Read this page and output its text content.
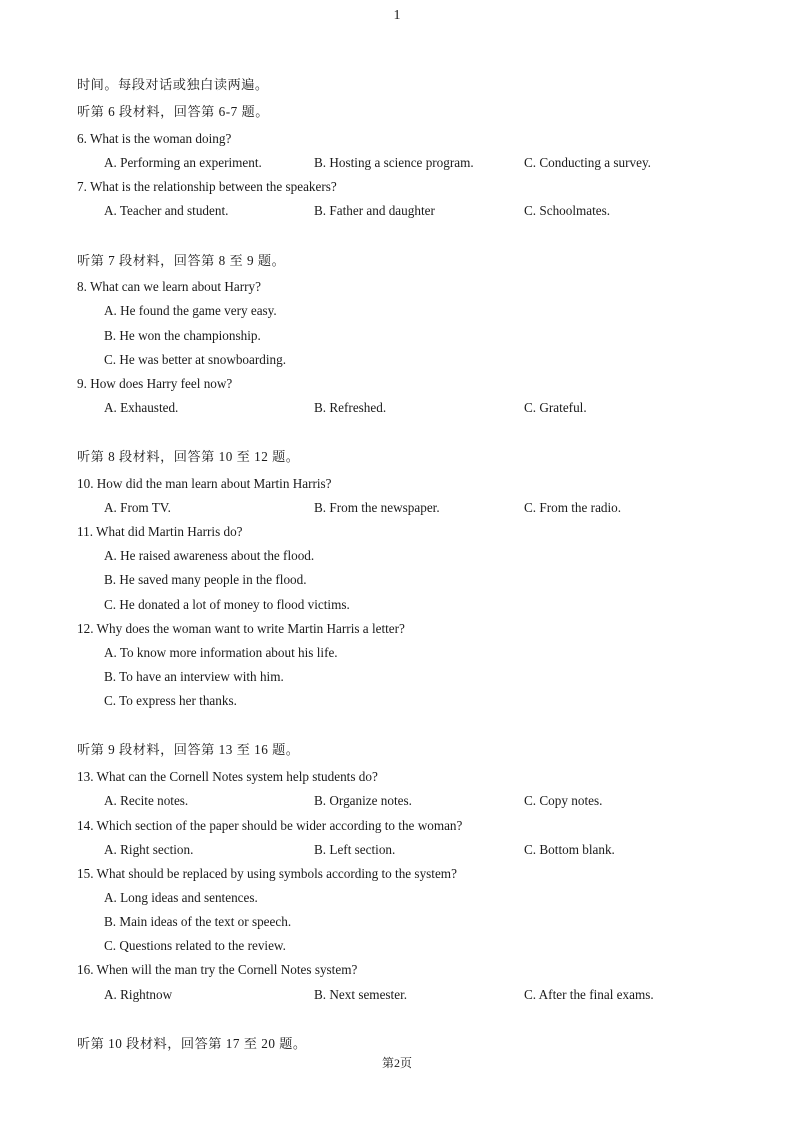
1
时间。每段对话或独白读两遍。
听第 6 段材料，回答第 6-7 题。
6. What is the woman doing?
A. Performing an experiment.	B. Hosting a science program.	C. Conducting a survey.
7. What is the relationship between the speakers?
A. Teacher and student.	B. Father and daughter	C. Schoolmates.
听第 7 段材料，回答第 8 至 9 题。
8. What can we learn about Harry?
A. He found the game very easy.
B. He won the championship.
C. He was better at snowboarding.
9. How does Harry feel now?
A. Exhausted.	B. Refreshed.	C. Grateful.
听第 8 段材料，回答第 10 至 12 题。
10. How did the man learn about Martin Harris?
A. From TV.	B. From the newspaper.	C. From the radio.
11. What did Martin Harris do?
A. He raised awareness about the flood.
B. He saved many people in the flood.
C. He donated a lot of money to flood victims.
12. Why does the woman want to write Martin Harris a letter?
A. To know more information about his life.
B. To have an interview with him.
C. To express her thanks.
听第 9 段材料，回答第 13 至 16 题。
13. What can the Cornell Notes system help students do?
A. Recite notes.	B. Organize notes.	C. Copy notes.
14. Which section of the paper should be wider according to the woman?
A. Right section.	B. Left section.	C. Bottom blank.
15. What should be replaced by using symbols according to the system?
A. Long ideas and sentences.
B. Main ideas of the text or speech.
C. Questions related to the review.
16. When will the man try the Cornell Notes system?
A. Rightnow	B. Next semester.	C. After the final exams.
听第 10 段材料，回答第 17 至 20 题。
第2页
